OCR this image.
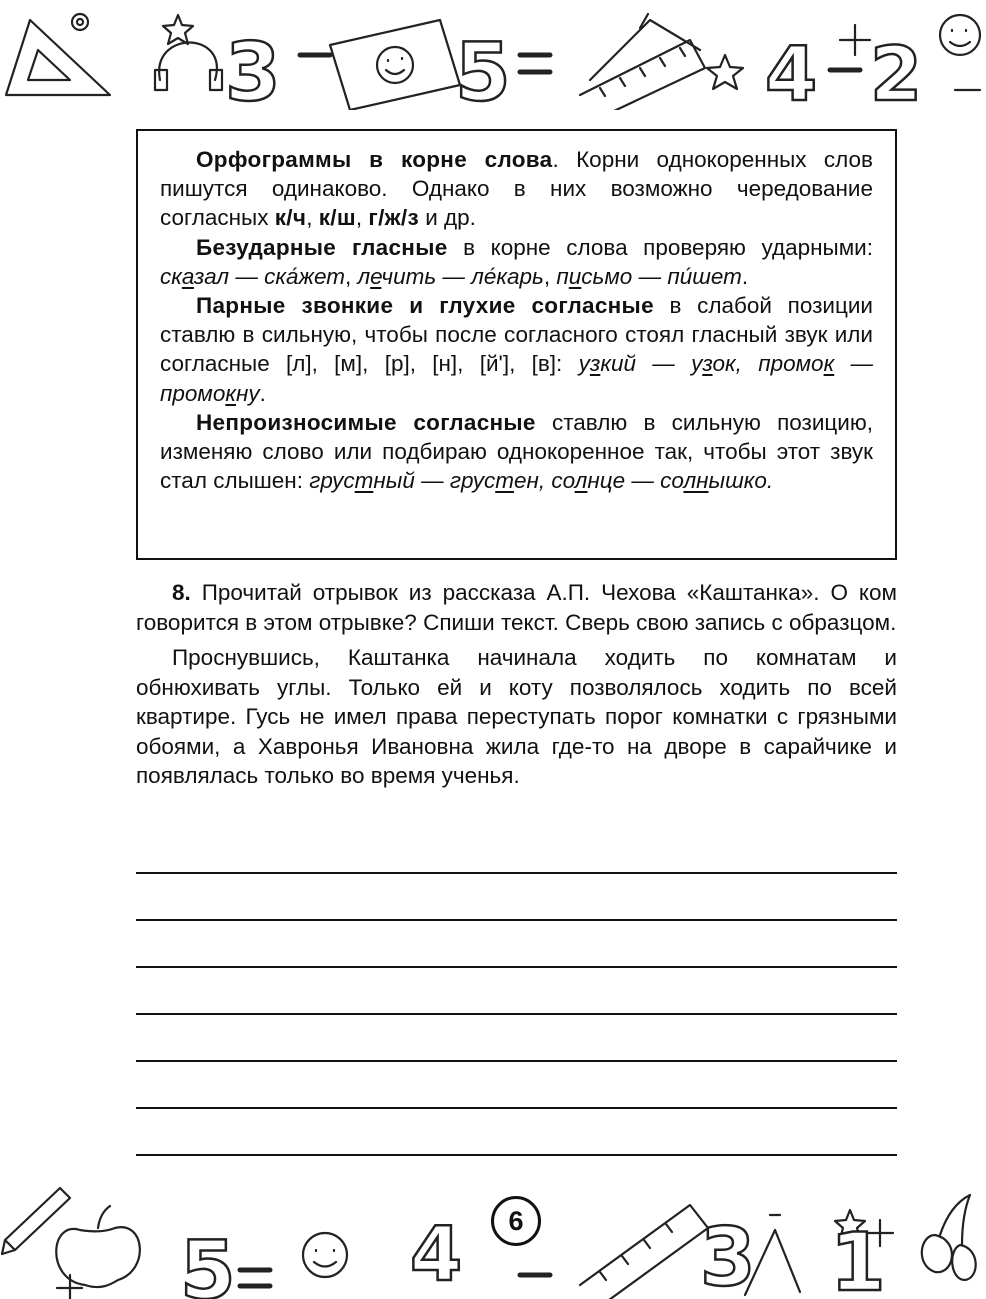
3 5	4 2

Орфограммы в корне слова. Корни однокоренных слов пишутся одинаково. Однако в них возможно чередование согласных к/ч, к/ш, г/ж/з и др.

Безударные гласные в корне слова проверяю ударными: сказал — ска́жет, лечить — ле́карь, письмо — пи́шет.

Парные звонкие и глухие согласные в слабой позиции ставлю в сильную, чтобы после согласного стоял гласный звук или согласные [л], [м], [р], [н], [й'], [в]: узкий — узок, промок — промокну.

Непроизносимые согласные ставлю в сильную позицию, изменяю слово или подбираю однокоренное так, чтобы этот звук стал слышен: грустный — грустен, солнце — солнышко.

8. Прочитай отрывок из рассказа А.П. Чехова «Каштанка». О ком говорится в этом отрывке? Спиши текст. Сверь свою запись с образцом.

Проснувшись, Каштанка начинала ходить по комнатам и обнюхивать углы. Только ей и коту позволялось ходить по всей квартире. Гусь не имел права переступать порог комнатки с грязными обоями, а Хавронья Ивановна жила где-то на дворе в сарайчике и появлялась только во время ученья.

5 4	3 1
6
